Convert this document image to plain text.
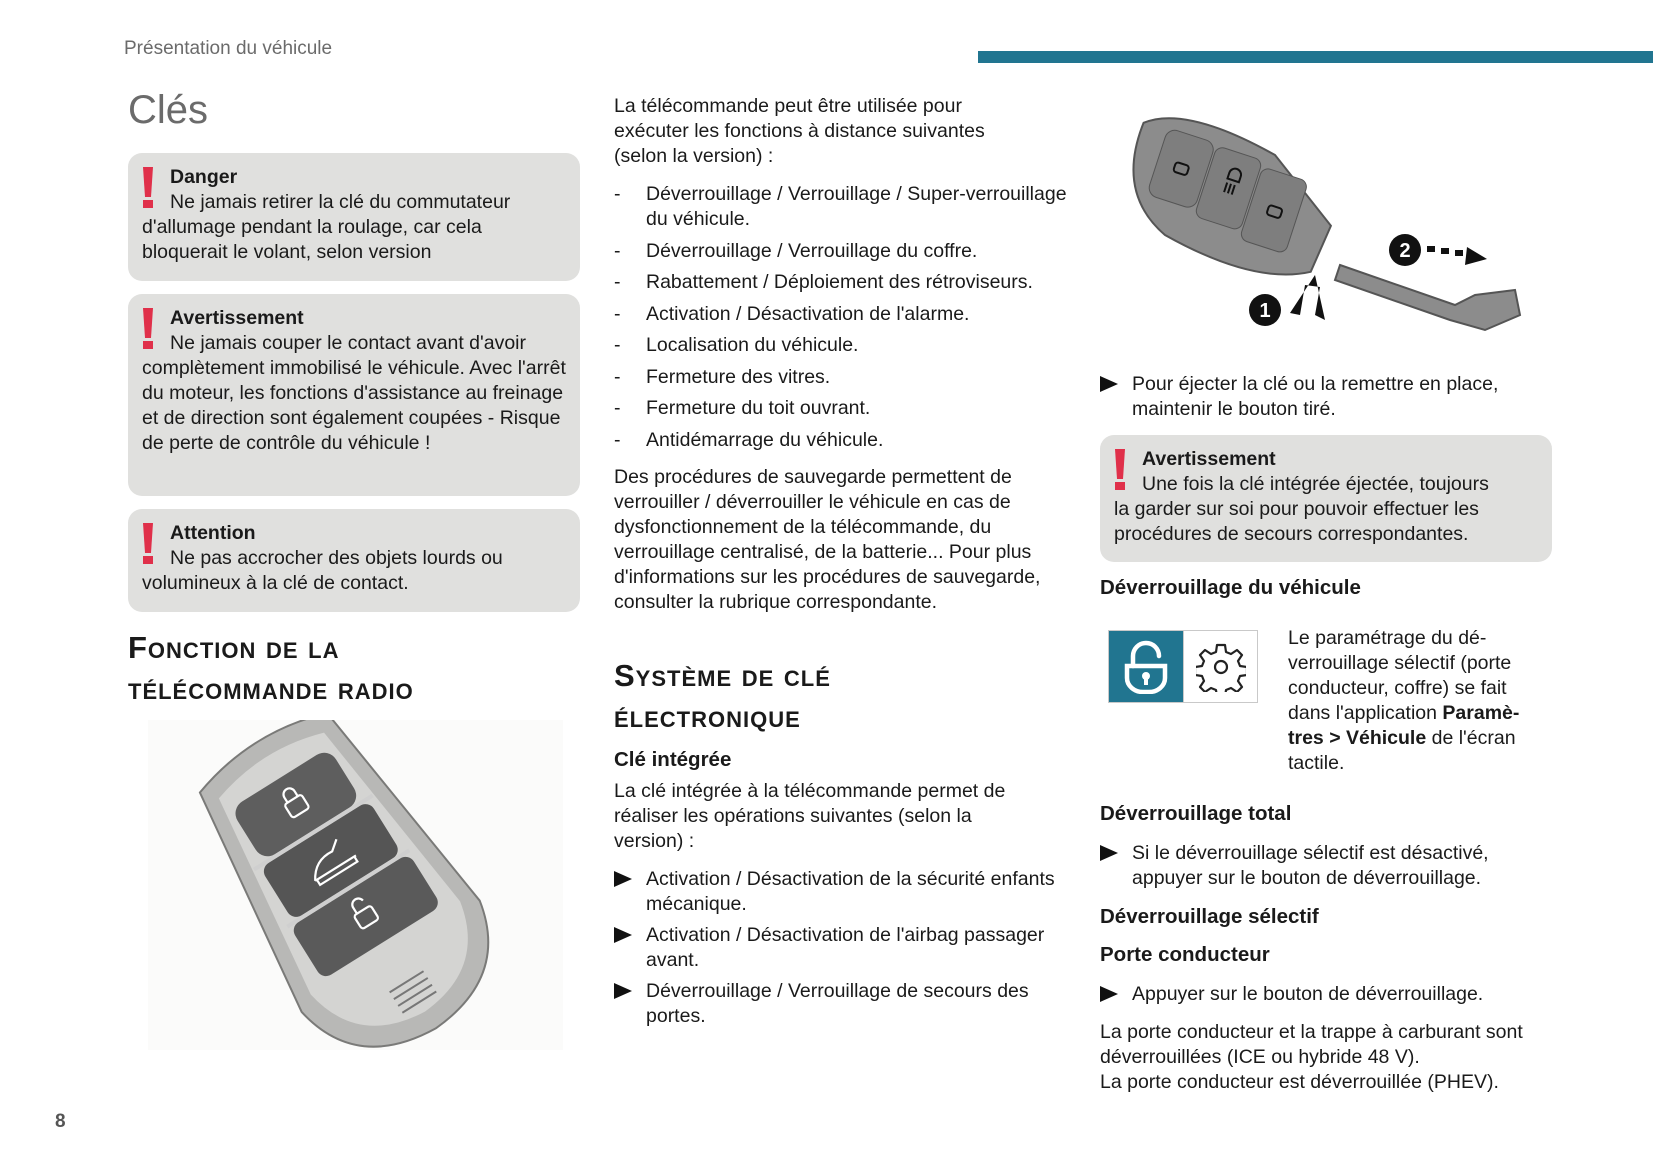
Présentation du véhicule
8
Clés
Danger
Ne jamais retirer la clé du commutateur
d'allumage pendant la roulage, car cela bloquerait le volant, selon version
Avertissement
Ne jamais couper le contact avant d'avoir
complètement immobilisé le véhicule. Avec l'arrêt du moteur, les fonctions d'assistance au freinage et de direction sont également coupées - Risque de perte de contrôle du véhicule !
Attention
Ne pas accrocher des objets lourds ou
volumineux à la clé de contact.
Fonction de la
télécommande radio
La télécommande peut être utilisée pour exécuter les fonctions à distance suivantes (selon la version) :
- Déverrouillage / Verrouillage / Super-verrouillage du véhicule.
- Déverrouillage / Verrouillage du coffre.
- Rabattement / Déploiement des rétroviseurs.
- Activation / Désactivation de l'alarme.
- Localisation du véhicule.
- Fermeture des vitres.
- Fermeture du toit ouvrant.
- Antidémarrage du véhicule.
Des procédures de sauvegarde permettent de verrouiller / déverrouiller le véhicule en cas de dysfonctionnement de la télécommande, du verrouillage centralisé, de la batterie... Pour plus d'informations sur les procédures de sauvegarde, consulter la rubrique correspondante.
Système de clé
électronique
Clé intégrée
La clé intégrée à la télécommande permet de réaliser les opérations suivantes (selon la version) :
Activation / Désactivation de la sécurité enfants mécanique.
Activation / Désactivation de l'airbag passager avant.
Déverrouillage / Verrouillage de secours des portes.
1
2
Pour éjecter la clé ou la remettre en place, maintenir le bouton tiré.
Avertissement
Une fois la clé intégrée éjectée, toujours
la garder sur soi pour pouvoir effectuer les procédures de secours correspondantes.
Déverrouillage du véhicule
Le paramétrage du dé-verrouillage sélectif (porte conducteur, coffre) se fait dans l'application Paramè-tres > Véhicule de l'écran tactile.
Déverrouillage total
Si le déverrouillage sélectif est désactivé, appuyer sur le bouton de déverrouillage.
Déverrouillage sélectif
Porte conducteur
Appuyer sur le bouton de déverrouillage.
La porte conducteur et la trappe à carburant sont déverrouillées (ICE ou hybride 48 V).
La porte conducteur est déverrouillée (PHEV).
